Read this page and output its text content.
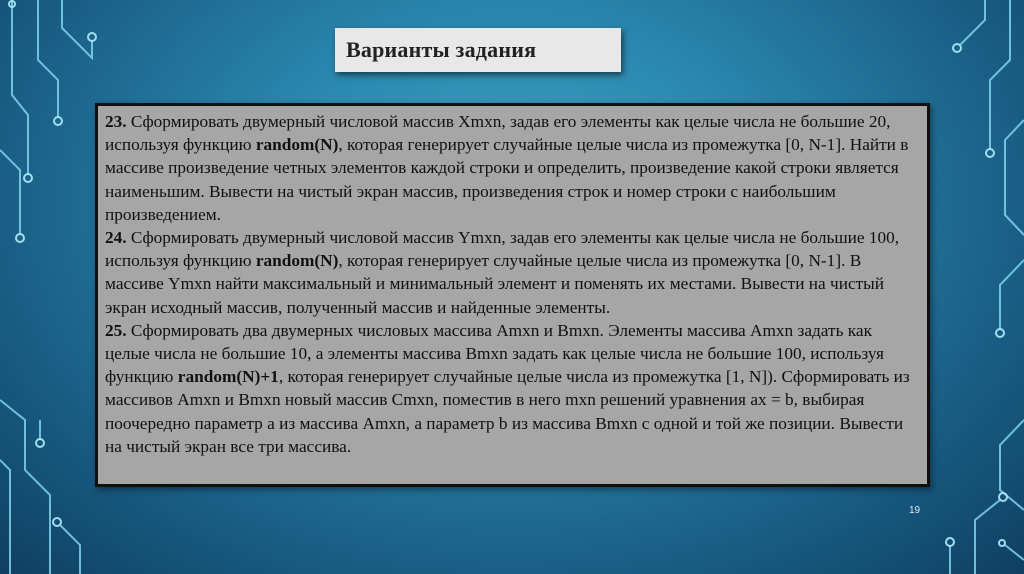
Варианты задания

23. Сформировать двумерный числовой массив Xmxn, задав его элементы как целые числа не большие 20, используя функцию random(N), которая генерирует случайные целые числа из промежутка [0, N-1]. Найти в массиве произведение четных элементов каждой строки и определить, произведение какой строки является наименьшим. Вывести на чистый экран массив, произведения строк и номер строки с наибольшим произведением.

24. Сформировать двумерный числовой массив Ymxn, задав его элементы как целые числа не большие 100, используя функцию random(N), которая генерирует случайные целые числа из промежутка [0, N-1]. В массиве Ymxn найти максимальный и минимальный элемент и поменять их местами. Вывести на чистый экран исходный массив, полученный массив и найденные элементы.

25. Сформировать два двумерных числовых массива Amxn и Bmxn. Элементы массива Amxn задать как целые числа не большие 10, а элементы массива Bmxn задать как целые числа не большие 100, используя функцию random(N)+1, которая генерирует случайные целые числа из промежутка [1, N]). Сформировать из массивов Amxn и Bmxn новый массив Cmxn, поместив в него mxn решений уравнения ax = b, выбирая поочередно параметр a из массива Amxn, а параметр b из массива Bmxn с одной и той же позиции. Вывести на чистый экран все три массива.

19
